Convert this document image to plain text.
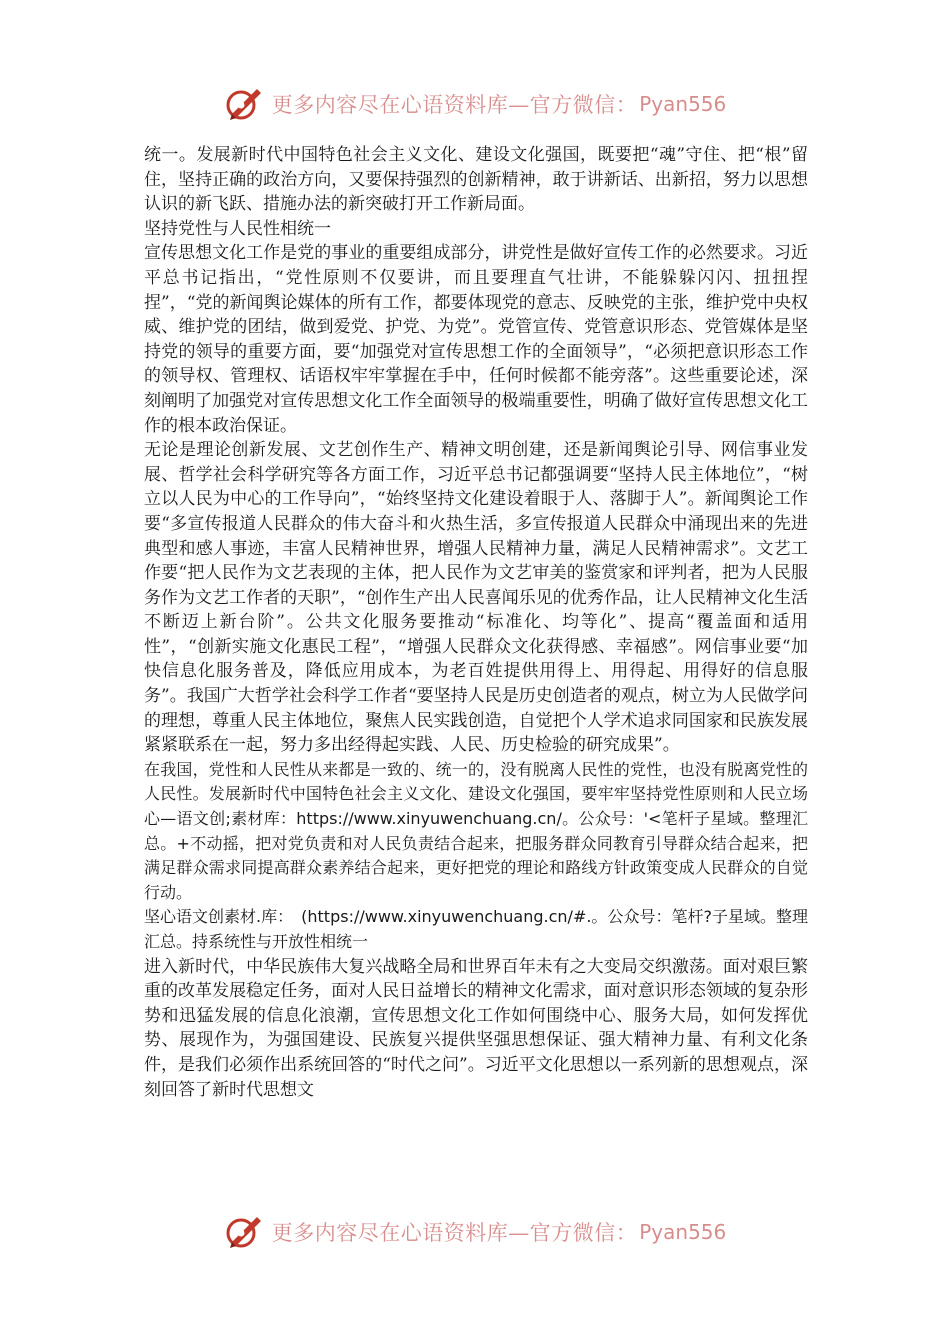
更多内容尽在心语资料库—官方微信： Pyan556

统一。发展新时代中国特色社会主义文化、建设文化强国，既要把“魂”守住、把“根”留住，坚持正确的政治方向，又要保持强烈的创新精神，敢于讲新话、出新招，努力以思想认识的新飞跃、措施办法的新突破打开工作新局面。

坚持党性与人民性相统一

宣传思想文化工作是党的事业的重要组成部分，讲党性是做好宣传工作的必然要求。习近平总书记指出，“党性原则不仅要讲，而且要理直气壮讲，不能躲躲闪闪、扭扭捏捏”，“党的新闻舆论媒体的所有工作，都要体现党的意志、反映党的主张，维护党中央权威、维护党的团结，做到爱党、护党、为党”。党管宣传、党管意识形态、党管媒体是坚持党的领导的重要方面，要“加强党对宣传思想工作的全面领导”，“必须把意识形态工作的领导权、管理权、话语权牢牢掌握在手中，任何时候都不能旁落”。这些重要论述，深刻阐明了加强党对宣传思想文化工作全面领导的极端重要性，明确了做好宣传思想文化工作的根本政治保证。

无论是理论创新发展、文艺创作生产、精神文明创建，还是新闻舆论引导、网信事业发展、哲学社会科学研究等各方面工作，习近平总书记都强调要“坚持人民主体地位”，“树立以人民为中心的工作导向”，“始终坚持文化建设着眼于人、落脚于人”。新闻舆论工作要“多宣传报道人民群众的伟大奋斗和火热生活，多宣传报道人民群众中涌现出来的先进典型和感人事迹，丰富人民精神世界，增强人民精神力量，满足人民精神需求”。文艺工作要“把人民作为文艺表现的主体，把人民作为文艺审美的鉴赏家和评判者，把为人民服务作为文艺工作者的天职”，“创作生产出人民喜闻乐见的优秀作品，让人民精神文化生活不断迈上新台阶”。公共文化服务要推动“标准化、均等化”、提高“覆盖面和适用性”，“创新实施文化惠民工程”，“增强人民群众文化获得感、幸福感”。网信事业要“加快信息化服务普及，降低应用成本，为老百姓提供用得上、用得起、用得好的信息服务”。我国广大哲学社会科学工作者“要坚持人民是历史创造者的观点，树立为人民做学问的理想，尊重人民主体地位，聚焦人民实践创造，自觉把个人学术追求同国家和民族发展紧紧联系在一起，努力多出经得起实践、人民、历史检验的研究成果”。

在我国，党性和人民性从来都是一致的、统一的，没有脱离人民性的党性，也没有脱离党性的人民性。发展新时代中国特色社会主义文化、建设文化强国，要牢牢坚持党性原则和人民立场心—语文创;素材库：https://www.xinyuwenchuang.cn/。公众号：'<笔杆子星域。整理汇总。+不动摇，把对党负责和对人民负责结合起来，把服务群众同教育引导群众结合起来，把满足群众需求同提高群众素养结合起来，更好把党的理论和路线方针政策变成人民群众的自觉行动。

坚心语文创素材.库：　(https://www.xinyuwenchuang.cn/#.。公众号：笔杆?子星域。整理汇总。持系统性与开放性相统一

进入新时代，中华民族伟大复兴战略全局和世界百年未有之大变局交织激荡。面对艰巨繁重的改革发展稳定任务，面对人民日益增长的精神文化需求，面对意识形态领域的复杂形势和迅猛发展的信息化浪潮，宣传思想文化工作如何围绕中心、服务大局，如何发挥优势、展现作为，为强国建设、民族复兴提供坚强思想保证、强大精神力量、有利文化条件，是我们必须作出系统回答的“时代之问”。习近平文化思想以一系列新的思想观点，深刻回答了新时代思想文

更多内容尽在心语资料库—官方微信： Pyan556
